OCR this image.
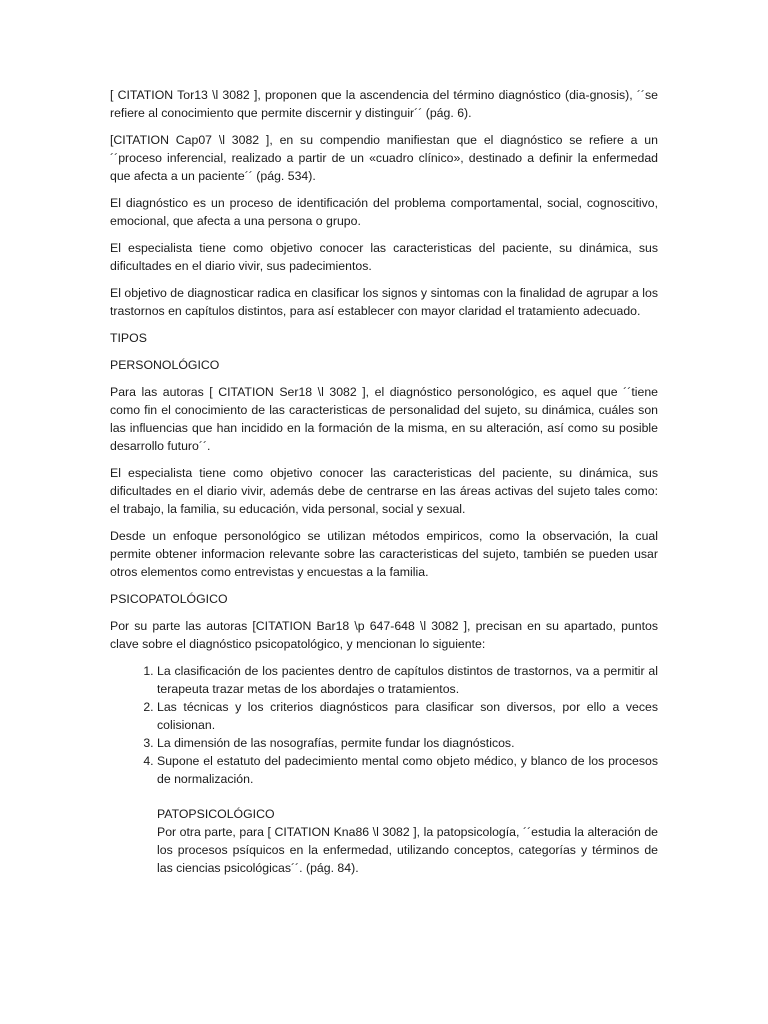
[ CITATION Tor13 \l 3082 ], proponen que la ascendencia del término diagnóstico (dia-gnosis), ´´se refiere al conocimiento que permite discernir y distinguir´´ (pág. 6).

[CITATION Cap07 \l 3082 ], en su compendio manifiestan que el diagnóstico se refiere a un ´´proceso inferencial, realizado a partir de un «cuadro clínico», destinado a definir la enfermedad que afecta a un paciente´´ (pág. 534).

El diagnóstico es un proceso de identificación del problema comportamental, social, cognoscitivo, emocional, que afecta a una persona o grupo.

El especialista tiene como objetivo conocer las caracteristicas del paciente, su dinámica, sus dificultades en el diario vivir, sus padecimientos.

El objetivo de diagnosticar radica en clasificar los signos y sintomas con la finalidad de agrupar a los trastornos en capítulos distintos, para así establecer con mayor claridad el tratamiento adecuado.

TIPOS
PERSONOLÓGICO

Para las autoras [ CITATION Ser18 \l 3082 ], el diagnóstico personológico, es aquel que ´´tiene como fin el conocimiento de las caracteristicas de personalidad del sujeto, su dinámica, cuáles son las influencias que han incidido en la formación de la misma, en su alteración, así como su posible desarrollo futuro´´.

El especialista tiene como objetivo conocer las caracteristicas del paciente, su dinámica, sus dificultades en el diario vivir, además debe de centrarse en las áreas activas del sujeto tales como: el trabajo, la familia, su educación, vida personal, social y sexual.

Desde un enfoque personológico se utilizan métodos empiricos, como la observación, la cual permite obtener informacion relevante sobre las caracteristicas del sujeto, también se pueden usar otros elementos como entrevistas y encuestas a la familia.

PSICOPATOLÓGICO

Por su parte las autoras [CITATION Bar18 \p 647-648 \l 3082 ], precisan en su apartado, puntos clave sobre el diagnóstico psicopatológico, y mencionan lo siguiente:

1. La clasificación de los pacientes dentro de capítulos distintos de trastornos, va a permitir al terapeuta trazar metas de los abordajes o tratamientos.
2. Las técnicas y los criterios diagnósticos para clasificar son diversos, por ello a veces colisionan.
3. La dimensión de las nosografías, permite fundar los diagnósticos.
4. Supone el estatuto del padecimiento mental como objeto médico, y blanco de los procesos de normalización.
PATOPSICOLÓGICO

Por otra parte, para [ CITATION Kna86 \l 3082 ], la patopsicología, ´´estudia la alteración de los procesos psíquicos en la enfermedad, utilizando conceptos, categorías y términos de las ciencias psicológicas´´. (pág. 84).
